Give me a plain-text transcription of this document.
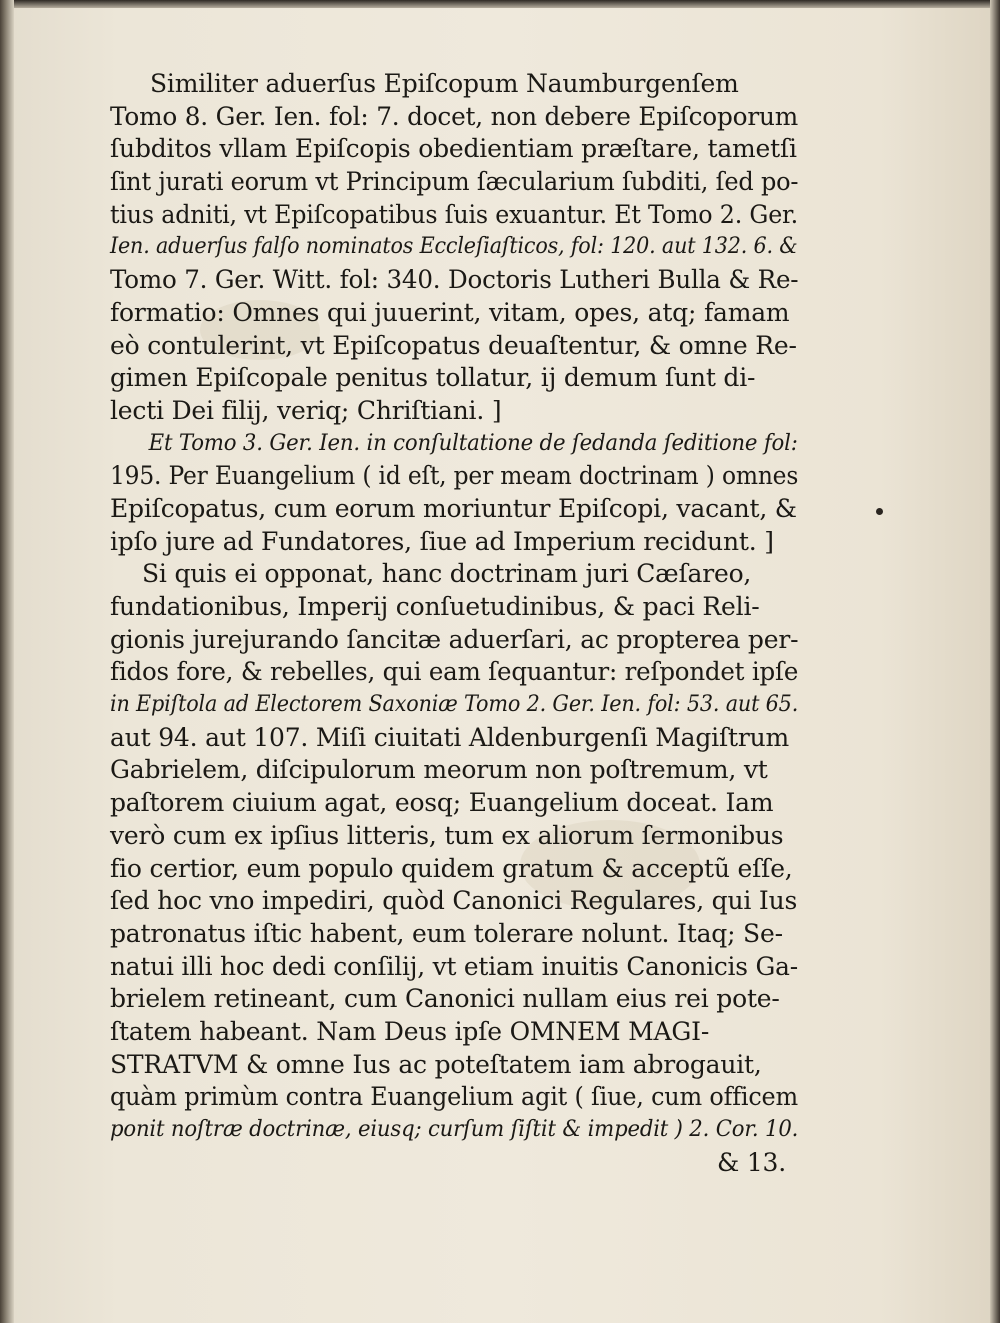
Similiter aduerſus Epiſcopum Naumburgenſem
Tomo 8. Ger. Ien. fol: 7. docet, non debere Epiſcoporum
ſubditos vllam Epiſcopis obedientiam præſtare, tametſi
ſint jurati eorum vt Principum ſæcularium ſubditi, ſed po-
tius adniti, vt Epiſcopatibus ſuis exuantur. Et Tomo 2. Ger.
Ien. aduerſus falſo nominatos Eccleſiaſticos, fol: 120. aut 132. 6. &
Tomo 7. Ger. Witt. fol: 340. Doctoris Lutheri Bulla & Re-
formatio: Omnes qui juuerint, vitam, opes, atq; famam
eò contulerint, vt Epiſcopatus deuaſtentur, & omne Re-
gimen Epiſcopale penitus tollatur, ij demum ſunt di-
lecti Dei filij, veriq; Chriſtiani. ]
Et Tomo 3. Ger. Ien. in conſultatione de ſedanda ſeditione fol:
195. Per Euangelium ( id eſt, per meam doctrinam ) omnes
Epiſcopatus, cum eorum moriuntur Epiſcopi, vacant, &
ipſo jure ad Fundatores, ſiue ad Imperium recidunt. ]
Si quis ei opponat, hanc doctrinam juri Cæſareo,
fundationibus, Imperij conſuetudinibus, & paci Reli-
gionis jurejurando ſancitæ aduerſari, ac propterea per-
fidos fore, & rebelles, qui eam ſequantur: reſpondet ipſe
in Epiſtola ad Electorem Saxoniæ Tomo 2. Ger. Ien. fol: 53. aut 65.
aut 94. aut 107. Miſi ciuitati Aldenburgenſi Magiſtrum
Gabrielem, diſcipulorum meorum non poſtremum, vt
paſtorem ciuium agat, eosq; Euangelium doceat. Iam
verò cum ex ipſius litteris, tum ex aliorum ſermonibus
fio certior, eum populo quidem gratum & acceptũ eſſe,
ſed hoc vno impediri, quòd Canonici Regulares, qui Ius
patronatus iſtic habent, eum tolerare nolunt. Itaq; Se-
natui illi hoc dedi conſilij, vt etiam inuitis Canonicis Ga-
brielem retineant, cum Canonici nullam eius rei pote-
ſtatem habeant. Nam Deus ipſe OMNEM MAGI-
STRATVM & omne Ius ac poteſtatem iam abrogauit,
quàm primùm contra Euangelium agit ( ſiue, cum officem
ponit noſtræ doctrinæ, eiusq; curſum ſiſtit & impedit ) 2. Cor. 10.
& 13.
